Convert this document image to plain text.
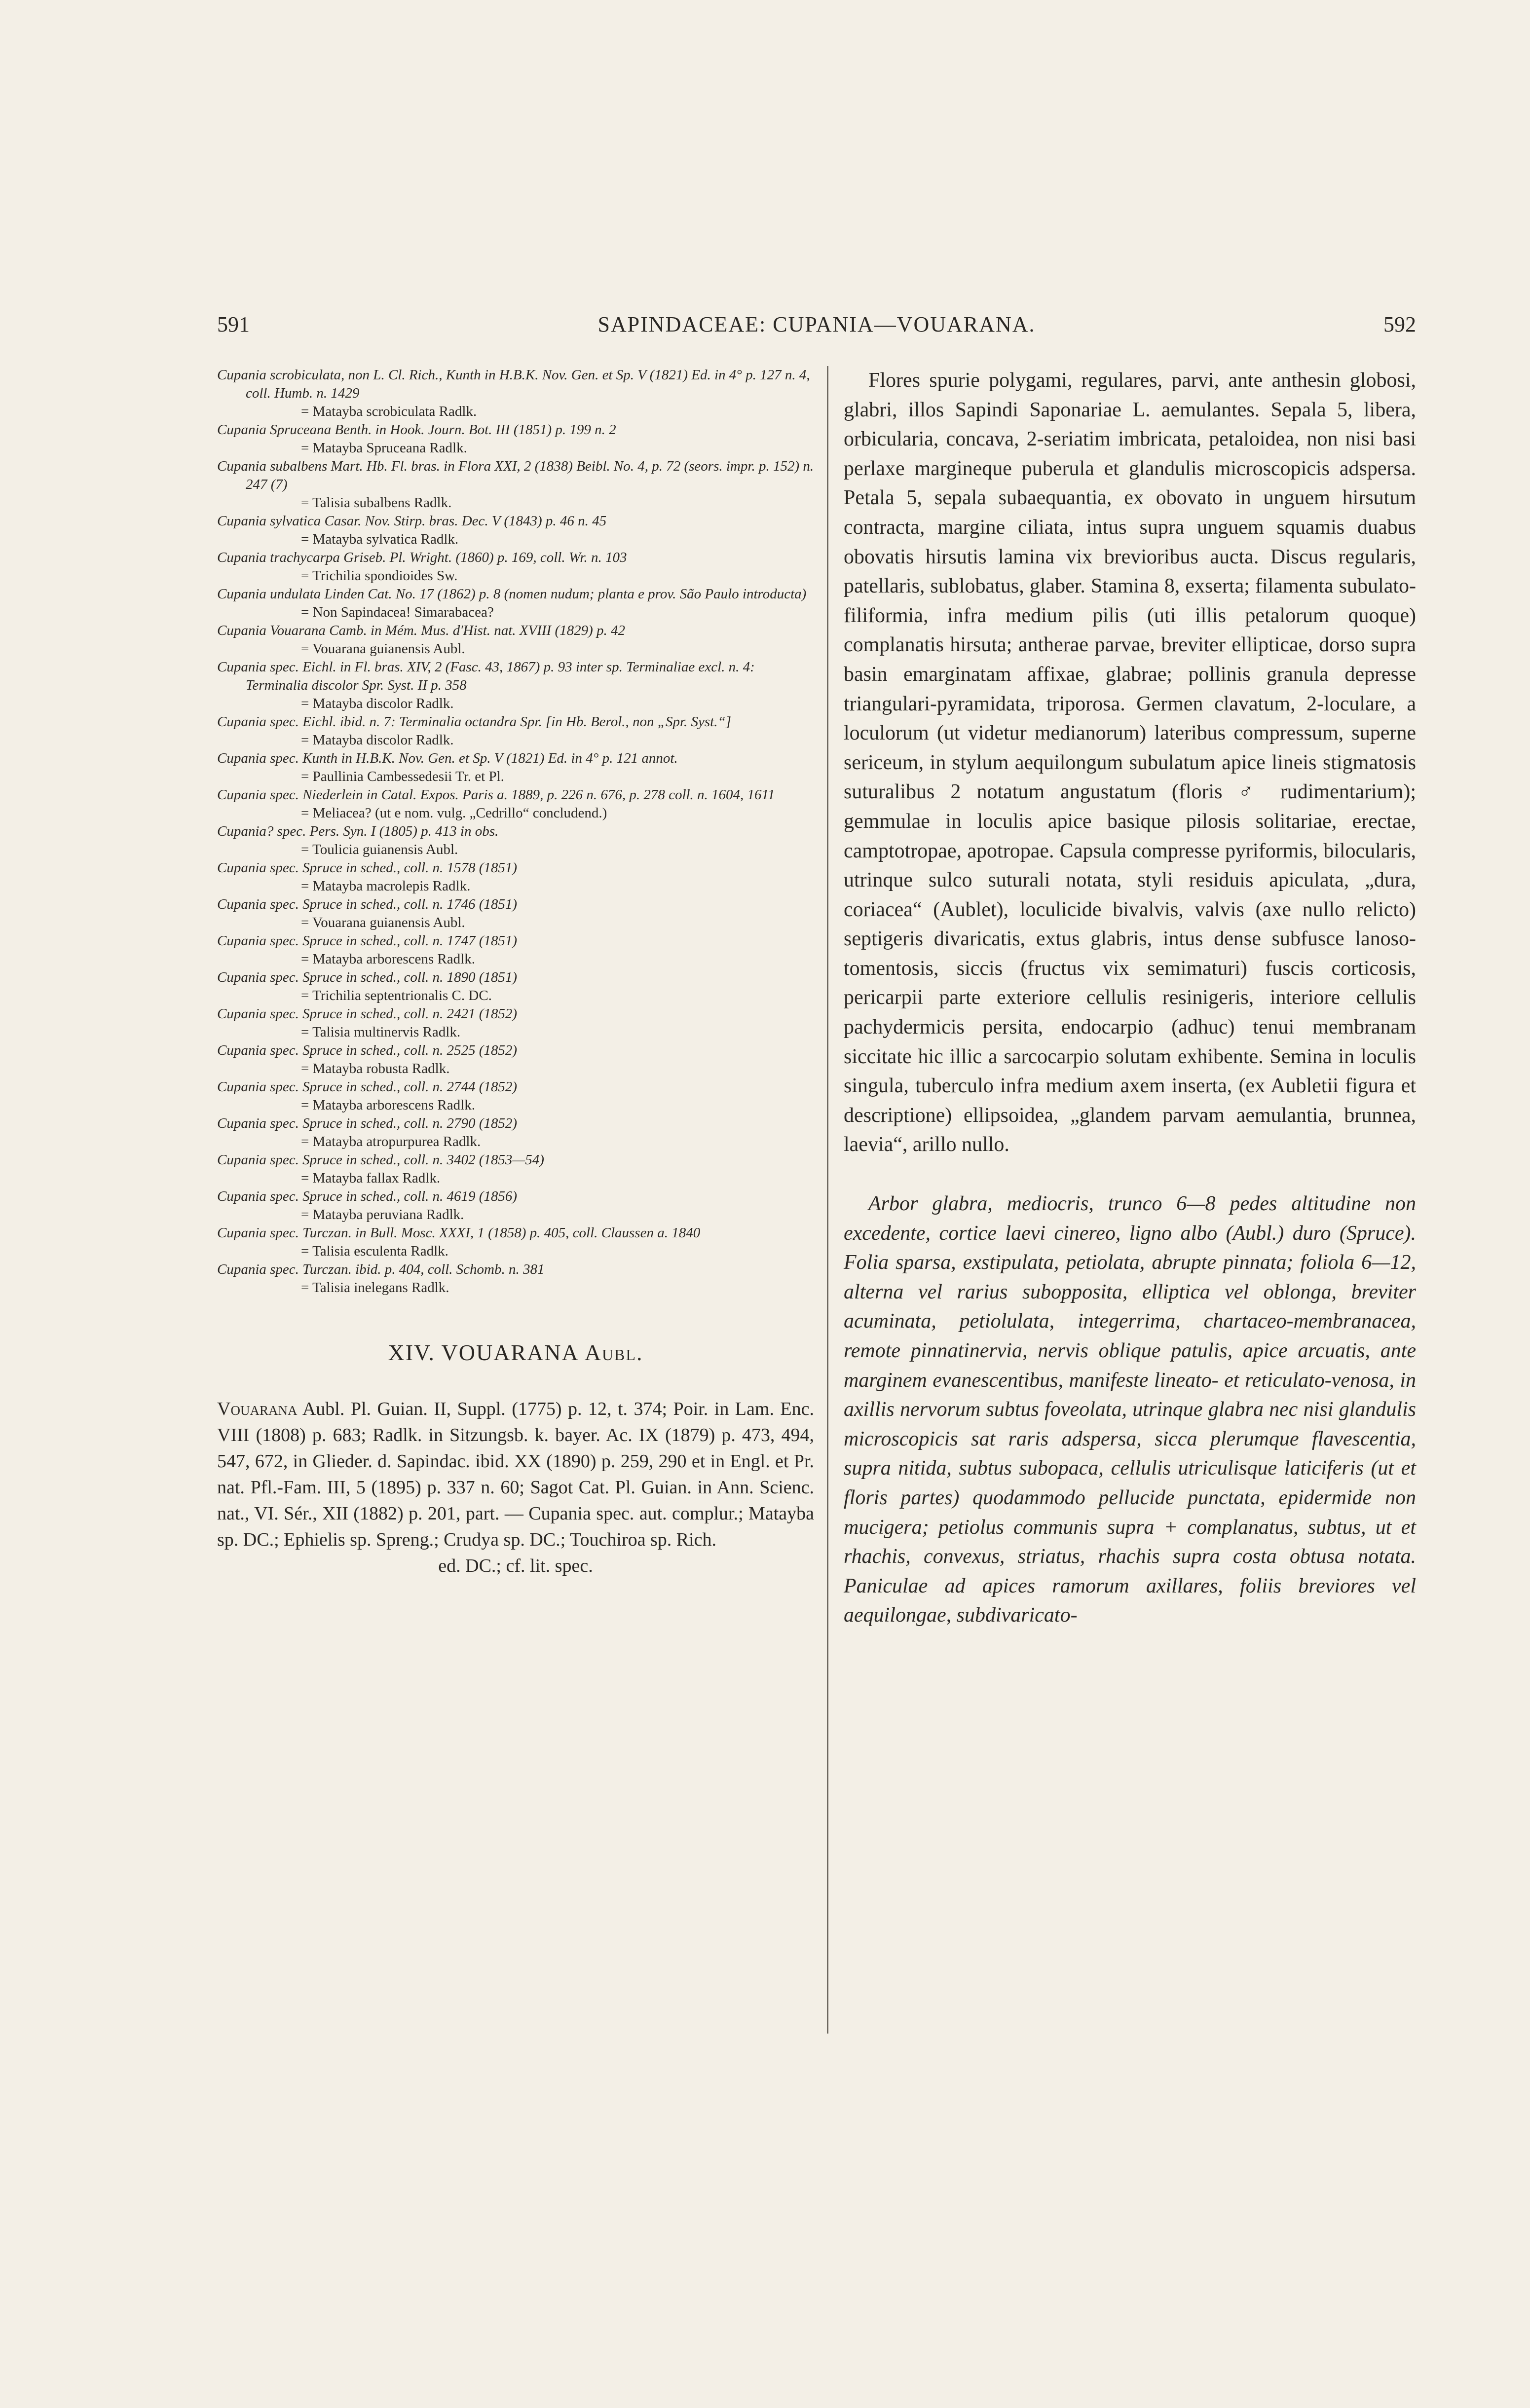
591	SAPINDACEAE: CUPANIA—VOUARANA.	592
Cupania scrobiculata, non L. Cl. Rich., Kunth in H.B.K. Nov. Gen. et Sp. V (1821) Ed. in 4° p. 127 n. 4, coll. Humb. n. 1429
= Matayba scrobiculata Radlk.
Cupania Spruceana Benth. in Hook. Journ. Bot. III (1851) p. 199 n. 2
= Matayba Spruceana Radlk.
Cupania subalbens Mart. Hb. Fl. bras. in Flora XXI, 2 (1838) Beibl. No. 4, p. 72 (seors. impr. p. 152) n. 247 (7)
= Talisia subalbens Radlk.
Cupania sylvatica Casar. Nov. Stirp. bras. Dec. V (1843) p. 46 n. 45
= Matayba sylvatica Radlk.
Cupania trachycarpa Griseb. Pl. Wright. (1860) p. 169, coll. Wr. n. 103
= Trichilia spondioides Sw.
Cupania undulata Linden Cat. No. 17 (1862) p. 8 (nomen nudum; planta e prov. São Paulo introducta)
= Non Sapindacea! Simarabacea?
Cupania Vouarana Camb. in Mém. Mus. d'Hist. nat. XVIII (1829) p. 42
= Vouarana guianensis Aubl.
Cupania spec. Eichl. in Fl. bras. XIV, 2 (Fasc. 43, 1867) p. 93 inter sp. Terminaliae excl. n. 4: Terminalia discolor Spr. Syst. II p. 358
= Matayba discolor Radlk.
Cupania spec. Eichl. ibid. n. 7: Terminalia octandra Spr. [in Hb. Berol., non „Spr. Syst.“]
= Matayba discolor Radlk.
Cupania spec. Kunth in H.B.K. Nov. Gen. et Sp. V (1821) Ed. in 4° p. 121 annot.
= Paullinia Cambessedesii Tr. et Pl.
Cupania spec. Niederlein in Catal. Expos. Paris a. 1889, p. 226 n. 676, p. 278 coll. n. 1604, 1611
= Meliacea? (ut e nom. vulg. „Cedrillo“ concludend.)
Cupania? spec. Pers. Syn. I (1805) p. 413 in obs.
= Toulicia guianensis Aubl.
Cupania spec. Spruce in sched., coll. n. 1578 (1851)
= Matayba macrolepis Radlk.
Cupania spec. Spruce in sched., coll. n. 1746 (1851)
= Vouarana guianensis Aubl.
Cupania spec. Spruce in sched., coll. n. 1747 (1851)
= Matayba arborescens Radlk.
Cupania spec. Spruce in sched., coll. n. 1890 (1851)
= Trichilia septentrionalis C. DC.
Cupania spec. Spruce in sched., coll. n. 2421 (1852)
= Talisia multinervis Radlk.
Cupania spec. Spruce in sched., coll. n. 2525 (1852)
= Matayba robusta Radlk.
Cupania spec. Spruce in sched., coll. n. 2744 (1852)
= Matayba arborescens Radlk.
Cupania spec. Spruce in sched., coll. n. 2790 (1852)
= Matayba atropurpurea Radlk.
Cupania spec. Spruce in sched., coll. n. 3402 (1853—54)
= Matayba fallax Radlk.
Cupania spec. Spruce in sched., coll. n. 4619 (1856)
= Matayba peruviana Radlk.
Cupania spec. Turczan. in Bull. Mosc. XXXI, 1 (1858) p. 405, coll. Claussen a. 1840
= Talisia esculenta Radlk.
Cupania spec. Turczan. ibid. p. 404, coll. Schomb. n. 381
= Talisia inelegans Radlk.
XIV. VOUARANA Aubl.
Vouarana Aubl. Pl. Guian. II, Suppl. (1775) p. 12, t. 374; Poir. in Lam. Enc. VIII (1808) p. 683; Radlk. in Sitzungsb. k. bayer. Ac. IX (1879) p. 473, 494, 547, 672, in Glieder. d. Sapindac. ibid. XX (1890) p. 259, 290 et in Engl. et Pr. nat. Pfl.-Fam. III, 5 (1895) p. 337 n. 60; Sagot Cat. Pl. Guian. in Ann. Scienc. nat., VI. Sér., XII (1882) p. 201, part. — Cupania spec. aut. complur.; Matayba sp. DC.; Ephielis sp. Spreng.; Crudya sp. DC.; Touchiroa sp. Rich.
ed. DC.; cf. lit. spec.

Flores spurie polygami, regulares, parvi, ante anthesin globosi, glabri, illos Sapindi Saponariae L. aemulantes. Sepala 5, libera, orbicularia, concava, 2-seriatim imbricata, petaloidea, non nisi basi perlaxe margineque puberula et glandulis microscopicis adspersa. Petala 5, sepala subaequantia, ex obovato in unguem hirsutum contracta, margine ciliata, intus supra unguem squamis duabus obovatis hirsutis lamina vix brevioribus aucta. Discus regularis, patellaris, sublobatus, glaber. Stamina 8, exserta; filamenta subulato-filiformia, infra medium pilis (uti illis petalorum quoque) complanatis hirsuta; antherae parvae, breviter ellipticae, dorso supra basin emarginatam affixae, glabrae; pollinis granula depresse triangulari-pyramidata, triporosa. Germen clavatum, 2-loculare, a loculorum (ut videtur medianorum) lateribus compressum, superne sericeum, in stylum aequilongum subulatum apice lineis stigmatosis suturalibus 2 notatum angustatum (floris ♂ rudimentarium); gemmulae in loculis apice basique pilosis solitariae, erectae, camptotropae, apotropae. Capsula compresse pyriformis, bilocularis, utrinque sulco suturali notata, styli residuis apiculata, „dura, coriacea“ (Aublet), loculicide bivalvis, valvis (axe nullo relicto) septigeris divaricatis, extus glabris, intus dense subfusce lanoso-tomentosis, siccis (fructus vix semimaturi) fuscis corticosis, pericarpii parte exteriore cellulis resinigeris, interiore cellulis pachydermicis persita, endocarpio (adhuc) tenui membranam siccitate hic illic a sarcocarpio solutam exhibente. Semina in loculis singula, tuberculo infra medium axem inserta, (ex Aubletii figura et descriptione) ellipsoidea, „glandem parvam aemulantia, brunnea, laevia“, arillo nullo.

Arbor glabra, mediocris, trunco 6—8 pedes altitudine non excedente, cortice laevi cinereo, ligno albo (Aubl.) duro (Spruce). Folia sparsa, exstipulata, petiolata, abrupte pinnata; foliola 6—12, alterna vel rarius subopposita, elliptica vel oblonga, breviter acuminata, petiolulata, integerrima, chartaceo-membranacea, remote pinnatinervia, nervis oblique patulis, apice arcuatis, ante marginem evanescentibus, manifeste lineato- et reticulato-venosa, in axillis nervorum subtus foveolata, utrinque glabra nec nisi glandulis microscopicis sat raris adspersa, sicca plerumque flavescentia, supra nitida, subtus subopaca, cellulis utriculisque laticiferis (ut et floris partes) quodammodo pellucide punctata, epidermide non mucigera; petiolus communis supra + complanatus, subtus, ut et rhachis, convexus, striatus, rhachis supra costa obtusa notata. Paniculae ad apices ramorum axillares, foliis breviores vel aequilongae, subdivaricato-
